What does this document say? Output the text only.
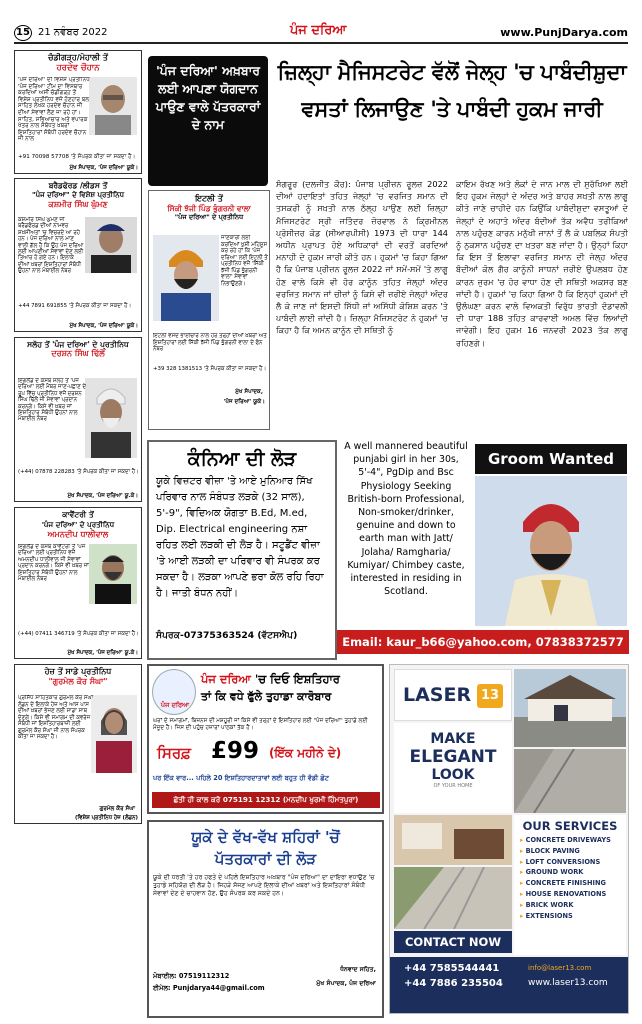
15 21 ਨਵੰਬਰ 2022	ਪੰਜ ਦਰਿਆ	www.PunjDarya.com
ਚੰਡੀਗੜ੍ਹ/ਮੋਹਾਲੀ ਤੋਂ
ਹਰਦੇਵ ਚੌਹਾਨ
'ਪੰਜ ਦਰਿਆ' ਦੀ ਵਿਸ਼ੇਸ਼ ਪ੍ਰਤੀਨਿਧ 'ਪੰਜ ਦਰਿਆ' ਟੀਮ ਦਾ ਵਿਸਥਾਰ ਕਰਦਿਆਂ ਅਸੀਂ ਚੰਡੀਗੜ੍ਹ ਤੋਂ ਵਿਸ਼ੇਸ਼ ਪ੍ਰਤੀਨਿਧ ਵਜੋਂ ਹੋਣਹਾਰ ਬਲ ਸਾਹਿਤ ਲੇਖਕ ਹਰਦੇਵ ਚੌਹਾਨ ਜੀ ਦੀਆਂ ਸੇਵਾਵਾਂ ਲੈਣ ਜਾ ਰਹੇ ਹਾਂ। ਸਾਹਿਤ, ਸਭਿਆਚਾਰ ਅਤੇ ਵਪਾਰਕ ਖੇਤਰ ਨਾਲ ਸੰਬੰਧਤ ਖ਼ਬਰਾਂ ਇਸ਼ਤਿਹਾਰਾਂ ਸੰਬੰਧੀ ਹਰਦੇਵ ਚੌਹਾਨ ਜੀ ਨਾਲ
+91 70098 57708 'ਤੇ ਸੰਪਰਕ ਕੀਤਾ ਜਾ ਸਕਦਾ ਹੈ।
ਮੁੱਖ ਸੰਪਾਦਕ, 'ਪੰਜ ਦਰਿਆ' ਯੂਕੇ।
ਬਰੈਡਫੋਰਡ /ਲੀਡਸ ਤੋਂ
"ਪੰਜ ਦਰਿਆ" ਦੇ ਵਿਸ਼ੇਸ਼ ਪ੍ਰਤੀਨਿਧ
ਕਸ਼ਮੀਰ ਸਿੰਘ ਘੁੰਮਣ
ਕਸ਼ਮੀਰ ਸਿੰਘ ਘੁੰਮਣ ਜੀ ਬਰੈਡਫੋਰਡ ਦੀਆਂ ਨਾਮਵਰ ਸ਼ਖ਼ਸੀਅਤਾਂ 'ਚ ਵਿਚਰਦੇ ਆ ਰਹੇ ਹਨ। ਪੰਜ ਦਰਿਆ ਨਾਲ ਮਾਣ ਵਾਲੀ ਗੱਲ ਹੈ ਕਿ ਉਹ ਪੰਜ ਦਰਿਆ ਲਈ ਆਪਣੀਆਂ ਸੇਵਾਵਾਂ ਦੇਣ ਲਈ ਤਿਆਰ ਹੋ ਗਏ ਹਨ। ਇਲਾਕੇ ਦੀਆਂ ਖ਼ਬਰਾਂ ਇਸ਼ਤਿਹਾਰਾਂ ਸੰਬੰਧੀ ਉਹਨਾਂ ਨਾਲ ਮੋਬਾਈਲ ਨੰਬਰ
+44 7891 691855 'ਤੇ ਸੰਪਰਕ ਕੀਤਾ ਜਾ ਸਕਦਾ ਹੈ।
ਮੁੱਖ ਸੰਪਾਦਕ, 'ਪੰਜ ਦਰਿਆ' ਯੂਕੇ।
ਸਲੋਹ ਤੋਂ 'ਪੰਜ ਦਰਿਆ' ਦੇ ਪ੍ਰਤੀਨਿਧ
ਦਰਸ਼ਨ ਸਿੰਘ ਢਿੱਲੋਂ
ਇੰਗਲੈਂਡ ਦੇ ਕਸਬੇ ਸਲੋਹ ਤੋਂ 'ਪੰਜ ਦਰਿਆ' ਲਈ ਮੈਂਬਰ ਜਾਣ-ਪਛਾਣ ਦੇ ਰੂਪ ਵਿੱਚ ਪ੍ਰਤੀਨਿਧ ਵਜੋਂ ਦਰਸ਼ਨ ਸਿੰਘ ਢਿੱਲੋਂ ਜੀ ਸੇਵਾਵਾਂ ਪ੍ਰਦਾਨ ਕਰਨਗੇ। ਕਿਸੇ ਵੀ ਖ਼ਬਰ ਜਾਂ ਇਸ਼ਤਿਹਾਰ ਸੰਬੰਧੀ ਉਹਨਾਂ ਨਾਲ ਮੋਬਾਈਲ ਨੰਬਰ
(+44) 07878 228283 'ਤੇ ਸੰਪਰਕ ਕੀਤਾ ਜਾ ਸਕਦਾ ਹੈ।
ਮੁੱਖ ਸੰਪਾਦਕ, 'ਪੰਜ ਦਰਿਆ' ਯੂ.ਕੇ।
ਕਾਵੈਂਟਰੀ ਤੋਂ
'ਪੰਜ ਦਰਿਆ' ਦੇ ਪ੍ਰਤੀਨਿਧ
ਅਮਨਦੀਪ ਧਾਲੀਵਾਲ
ਇੰਗਲੈਂਡ ਦੇ ਕਸਬੇ ਕਾਵੈਂਟਰੀ ਤੋਂ 'ਪੰਜ ਦਰਿਆ' ਲਈ ਪ੍ਰਤੀਨਿਧ ਵਜੋਂ ਅਮਨਦੀਪ ਧਾਲੀਵਾਲ ਜੀ ਸੇਵਾਵਾਂ ਪ੍ਰਦਾਨ ਕਰਨਗੇ। ਕਿਸੇ ਵੀ ਖ਼ਬਰ ਜਾਂ ਇਸ਼ਤਿਹਾਰ ਸੰਬੰਧੀ ਉਹਨਾਂ ਨਾਲ ਮੋਬਾਈਲ ਨੰਬਰ
(+44) 07411 346719 'ਤੇ ਸੰਪਰਕ ਕੀਤਾ ਜਾ ਸਕਦਾ ਹੈ।
ਮੁੱਖ ਸੰਪਾਦਕ, 'ਪੰਜ ਦਰਿਆ' ਯੂ.ਕੇ।
ਹੇਜ਼ ਤੋਂ ਸਾਡੇ ਪ੍ਰਤੀਨਿਧ
"ਗੁਰਮੇਲ ਕੌਰ ਸੰਘਾ"
ਪ੍ਰਸਿੱਧ ਸਾਹਿਤਕਾਰ ਗੁਰਮੇਲ ਕੌਰ ਸੰਘਾ ਲੰਡਨ ਦੇ ਇਲਾਕੇ ਹੇਜ਼ ਅਤੇ ਆਸ ਪਾਸ ਦੀਆਂ ਖ਼ਬਰਾਂ ਭੇਜਣ ਲਈ ਸਾਡਾ ਸਾਥ ਦੇਣਗੇ। ਕਿਸੇ ਵੀ ਸਮਾਗਮ ਦੀ ਕਵਰੇਜ ਸੰਬੰਧੀ ਜਾਂ ਇਸ਼ਤਿਹਾਰਬਾਜ਼ੀ ਲਈ ਗੁਰਮੇਲ ਕੌਰ ਸੰਘਾ ਜੀ ਨਾਲ ਸੰਪਰਕ ਕੀਤਾ ਜਾ ਸਕਦਾ ਹੈ।
ਗੁਰਮੇਲ ਕੌਰ ਸੰਘਾ
(ਵਿਸ਼ੇਸ਼ ਪ੍ਰਤੀਨਿਧ ਹੇਜ਼ (ਲੰਡਨ)
'ਪੰਜ ਦਰਿਆ' ਅਖ਼ਬਾਰ ਲਈ ਆਪਣਾ ਯੋਗਦਾਨ ਪਾਉਣ ਵਾਲੇ ਪੱਤਰਕਾਰਾਂ ਦੇ ਨਾਮ
ਇਟਲੀ ਤੋਂ
ਸਿੱਕੀ ਝੱਜੀ ਪਿੰਡ ਭੁੰਗਰਨੀ ਵਾਲਾ
"ਪੰਜ ਦਰਿਆ" ਦੇ ਪ੍ਰਤੀਨਿਧ
ਜਾਣਕਾਰੀ ਲਈ ਕਰਦਿਆਂ ਖੁਸ਼ੀ ਮਹਿਸੂਸ ਕਰ ਰਹੇ ਹਾਂ ਕਿ 'ਪੰਜ ਦਰਿਆ' ਲਈ ਇਟਲੀ ਤੋਂ ਪ੍ਰਤੀਨਿਧ ਵਜੋਂ 'ਸਿੱਕੀ ਝੱਜੀ ਪਿੰਡ ਭੁੰਗਰਨੀ ਵਾਲਾ' ਸੇਵਾਵਾਂ ਨਿਭਾਉਣਗੇ।
ਇਟਲੀ ਵਸਦੇ ਭਾਈਚਾਰੇ ਨਾਲ ਹਰ ਤਰ੍ਹਾਂ ਦੀਆਂ ਖ਼ਬਰਾਂ ਅਤੇ ਇਸ਼ਤਿਹਾਰਾਂ ਲਈ ਸਿੱਕੀ ਝੱਜੀ ਪਿੰਡ ਭੁੰਗਰਨੀ ਵਾਲਾ ਦੇ ਫੋਨ ਨੰਬਰ
+39 328 1381513 'ਤੇ ਸੰਪਰਕ ਕੀਤਾ ਜਾ ਸਕਦਾ ਹੈ।
ਮੁੱਖ ਸੰਪਾਦਕ,
'ਪੰਜ ਦਰਿਆ' ਯੂਕੇ।
ਜ਼ਿਲ੍ਹਾ ਮੈਜਿਸਟਰੇਟ ਵੱਲੋਂ ਜੇਲ੍ਹ 'ਚ ਪਾਬੰਦੀਸ਼ੁਦਾ ਵਸਤਾਂ ਲਿਜਾਉਣ 'ਤੇ ਪਾਬੰਦੀ ਹੁਕਮ ਜਾਰੀ
ਸੰਗਰੂਰ (ਦਲਜੀਤ ਕੌਰ): ਪੰਜਾਬ ਪ੍ਰੀਜ਼ਨ ਰੂਲਜ਼ 2022 ਦੀਆਂ ਹਦਾਇਤਾਂ ਤਹਿਤ ਜੇਲ੍ਹਾਂ 'ਚ ਵਰਜਿਤ ਸਮਾਨ ਦੀ ਤਸਕਰੀ ਨੂੰ ਸਖ਼ਤੀ ਨਾਲ ਠੱਲ੍ਹ ਪਾਉਣ ਲਈ ਜ਼ਿਲ੍ਹਾ ਮੈਜਿਸਟਰੇਟ ਸ੍ਰੀ ਜਤਿੰਦਰ ਜ਼ੋਰਵਾਲ ਨੇ ਕ੍ਰਿਮੀਨਲ ਪ੍ਰੋਸੀਜ਼ਰ ਕੋਡ (ਸੀਆਰਪੀਸੀ) 1973 ਦੀ ਧਾਰਾ 144 ਅਧੀਨ ਪ੍ਰਾਪਤ ਹੋਏ ਅਧਿਕਾਰਾਂ ਦੀ ਵਰਤੋਂ ਕਰਦਿਆਂ ਮਨਾਹੀ ਦੇ ਹੁਕਮ ਜਾਰੀ ਕੀਤੇ ਹਨ। ਹੁਕਮਾਂ 'ਚ ਕਿਹਾ ਗਿਆ ਹੈ ਕਿ ਪੰਜਾਬ ਪ੍ਰੀਜ਼ਨ ਰੂਲਜ਼ 2022 ਜਾਂ ਸਮੇਂ-ਸਮੇਂ 'ਤੇ ਲਾਗੂ ਹੋਣ ਵਾਲੇ ਕਿਸੇ ਵੀ ਹੋਰ ਕਾਨੂੰਨ ਤਹਿਤ ਜੇਲ੍ਹਾਂ ਅੰਦਰ ਵਰਜਿਤ ਸਮਾਨ ਜਾਂ ਚੀਜ਼ਾਂ ਨੂੰ ਕਿਸੇ ਵੀ ਜ਼ਰੀਏ ਜੇਲ੍ਹਾਂ ਅੰਦਰ ਲੈ ਕੇ ਜਾਣ ਜਾਂ ਇਸਦੀ ਸਿੱਧੀ ਜਾਂ ਅਸਿੱਧੀ ਕੋਸ਼ਿਸ਼ ਕਰਨ 'ਤੇ ਪਾਬੰਦੀ ਲਾਈ ਜਾਂਦੀ ਹੈ। ਜ਼ਿਲ੍ਹਾ ਮੈਜਿਸਟਰੇਟ ਨੇ ਹੁਕਮਾਂ 'ਚ ਕਿਹਾ ਹੈ ਕਿ ਅਮਨ ਕਾਨੂੰਨ ਦੀ ਸਥਿਤੀ ਨੂੰ
ਕਾਇਮ ਰੱਖਣ ਅਤੇ ਲੋਕਾਂ ਦੇ ਜਾਨ ਮਾਲ ਦੀ ਸੁਰੱਖਿਆ ਲਈ ਇਹ ਹੁਕਮ ਜੇਲ੍ਹਾਂ ਦੇ ਅੰਦਰ ਅਤੇ ਬਾਹਰ ਸਖ਼ਤੀ ਨਾਲ ਲਾਗੂ ਕੀਤੇ ਜਾਣੇ ਚਾਹੀਦੇ ਹਨ ਕਿਉਂਕਿ ਪਾਬੰਦੀਸ਼ੁਦਾ ਵਸਤੂਆਂ ਦੇ ਜੇਲ੍ਹਾਂ ਦੇ ਅਹਾਤੇ ਅੰਦਰ ਬੰਦੀਆਂ ਤੱਕ ਅਵੈਧ ਤਰੀਕਿਆਂ ਨਾਲ ਪਹੁੰਚਣ ਕਾਰਨ ਮਨੁੱਖੀ ਜਾਨਾਂ ਤੋਂ ਲੈ ਕੇ ਪਬਲਿਕ ਸੰਪਤੀ ਨੂੰ ਨੁਕਸਾਨ ਪਹੁੰਚਣ ਦਾ ਖ਼ਤਰਾ ਬਣ ਜਾਂਦਾ ਹੈ। ਉਨ੍ਹਾਂ ਕਿਹਾ ਕਿ ਇਸ ਤੋਂ ਇਲਾਵਾ ਵਰਜਿਤ ਸਮਾਨ ਦੀ ਜੇਲ੍ਹ ਅੰਦਰ ਬੰਦੀਆਂ ਕੋਲ ਗੈਰ ਕਾਨੂੰਨੀ ਸਾਧਨਾਂ ਜ਼ਰੀਏ ਉਪਲਬਧ ਹੋਣ ਕਾਰਨ ਜੁਰਮ 'ਚ ਹੋਰ ਵਾਧਾ ਹੋਣ ਦੀ ਸਥਿਤੀ ਅਕਸਰ ਬਣ ਜਾਂਦੀ ਹੈ। ਹੁਕਮਾਂ 'ਚ ਕਿਹਾ ਗਿਆ ਹੈ ਕਿ ਇਨ੍ਹਾਂ ਹੁਕਮਾਂ ਦੀ ਉਲੰਘਣਾ ਕਰਨ ਵਾਲੇ ਵਿਅਕਤੀ ਵਿਰੁੱਧ ਭਾਰਤੀ ਦੰਡਾਵਲੀ ਦੀ ਧਾਰਾ 188 ਤਹਿਤ ਕਾਰਵਾਈ ਅਮਲ ਵਿੱਚ ਲਿਆਂਦੀ ਜਾਵੇਗੀ। ਇਹ ਹੁਕਮ 16 ਜਨਵਰੀ 2023 ਤੱਕ ਲਾਗੂ ਰਹਿਣਗੇ।
ਕੰਨਿਆ ਦੀ ਲੋੜ
ਯੂਕੇ ਵਿਜ਼ਟਰ ਵੀਜ਼ਾ 'ਤੇ ਆਏ ਮੁਨਿਆਰ ਸਿੱਖ ਪਰਿਵਾਰ ਨਾਲ ਸੰਬੰਧਤ ਲੜਕੇ (32 ਸਾਲ), 5'-9", ਵਿਦਿਅਕ ਯੋਗਤਾ B.Ed, M.ed, Dip. Electrical engineering ਨਸ਼ਾ ਰਹਿਤ ਲਈ ਲੜਕੀ ਦੀ ਲੋੜ ਹੈ। ਸਟੂਡੈਂਟ ਵੀਜ਼ਾ 'ਤੇ ਆਈ ਲੜਕੀ ਦਾ ਪਰਿਵਾਰ ਵੀ ਸੰਪਰਕ ਕਰ ਸਕਦਾ ਹੈ। ਲੜਕਾ ਆਪਣੇ ਭਰਾ ਕੋਲ ਰਹਿ ਰਿਹਾ ਹੈ। ਜਾਤੀ ਬੰਧਨ ਨਹੀਂ।
ਸੰਪਰਕ-07375363524 (ਵੱਟਸਐਪ)
A well mannered beautiful punjabi girl in her 30s, 5'-4", PgDip and Bsc Physiology Seeking British-born Professional, Non-smoker/drinker, genuine and down to earth man with Jatt/ Jolaha/ Ramgharia/ Kumiyar/ Chimbey caste, interested in residing in Scotland.
Groom Wanted
Email: kaur_b66@yahoo.com, 07838372577
ਪੰਜ ਦਰਿਆ
ਪੰਜ ਦਰਿਆ 'ਚ ਦਿਓ ਇਸ਼ਤਿਹਾਰ
ਤਾਂ ਕਿ ਵਧੇ ਫੁੱਲੇ ਤੁਹਾਡਾ ਕਾਰੋਬਾਰ
ਘਰਾਂ ਦੇ ਸਮਾਗਮਾਂ, ਬਿਜ਼ਨਸ ਦੀ ਮਸ਼ਹੂਰੀ ਜਾਂ ਕਿਸੇ ਵੀ ਤਰ੍ਹਾਂ ਦੇ ਇਸ਼ਤਿਹਾਰ ਲਈ "ਪੰਜ ਦਰਿਆ" ਤੁਹਾਡੇ ਲਈ ਮੌਜੂਦ ਹੈ। ਜਿਸ ਦੀ ਪਹੁੰਚ ਹਜ਼ਾਰਾਂ ਪਾਠਕਾਂ ਤੱਕ ਹੈ।
ਸਿਰਫ਼ £99 (ਇੱਕ ਮਹੀਨੇ ਦੇ)
ਪਰ ਇੱਕ ਵਾਰ... ਪਹਿਲੇ 20 ਇਸ਼ਤਿਹਾਰਦਾਤਾਵਾਂ ਲਈ ਬਹੁਤ ਹੀ ਵੱਡੀ ਛੋਟ
ਛੇਤੀ ਹੀ ਕਾਲ ਕਰੋ 075191 12312 (ਮਨਦੀਪ ਖੁਰਮੀ ਹਿੰਮਤਪੁਰਾ)
ਯੂਕੇ ਦੇ ਵੱਖ-ਵੱਖ ਸ਼ਹਿਰਾਂ 'ਚੋਂ
ਪੱਤਰਕਾਰਾਂ ਦੀ ਲੋੜ
ਯੂਕੇ ਦੀ ਧਰਤੀ 'ਤੇ ਹਰ ਹਫਤੇ ਦੇ ਪਹਿਲੇ ਇਸ਼ਤਿਹਾਰ ਅਖ਼ਬਾਰ "ਪੰਜ ਦਰਿਆ" ਦਾ ਦਾਇਰਾ ਵਧਾਉਣ 'ਚ ਤੁਹਾਡੇ ਸਹਿਯੋਗ ਦੀ ਲੋੜ ਹੈ। ਜਿਹੜੇ ਸੱਜਣ ਆਪਣੇ ਇਲਾਕੇ ਦੀਆਂ ਖ਼ਬਰਾਂ ਅਤੇ ਇਸ਼ਤਿਹਾਰਾਂ ਸੰਬੰਧੀ ਸੇਵਾਵਾਂ ਦੇਣ ਦੇ ਚਾਹਵਾਨ ਹੋਣ, ਉਹ ਸੰਪਰਕ ਕਰ ਸਕਦੇ ਹਨ।
ਧੰਨਵਾਦ ਸਹਿਤ,
ਮੋਬਾਈਲ: 07519112312
ਮੁੱਖ ਸੰਪਾਦਕ, ਪੰਜ ਦਰਿਆ
ਈਮੇਲ: Punjdarya44@gmail.com
LASER 13
MAKE
ELEGANT
LOOK
OF YOUR HOME
OUR SERVICES
▸ CONCRETE DRIVEWAYS
▸ BLOCK PAVING
▸ LOFT CONVERSIONS
▸ GROUND WORK
▸ CONCRETE FINISHING
▸ HOUSE RENOVATIONS
▸ BRICK WORK
▸ EXTENSIONS
CONTACT NOW
+44 7585544441
+44 7886 235504
info@laser13.com
www.laser13.com
